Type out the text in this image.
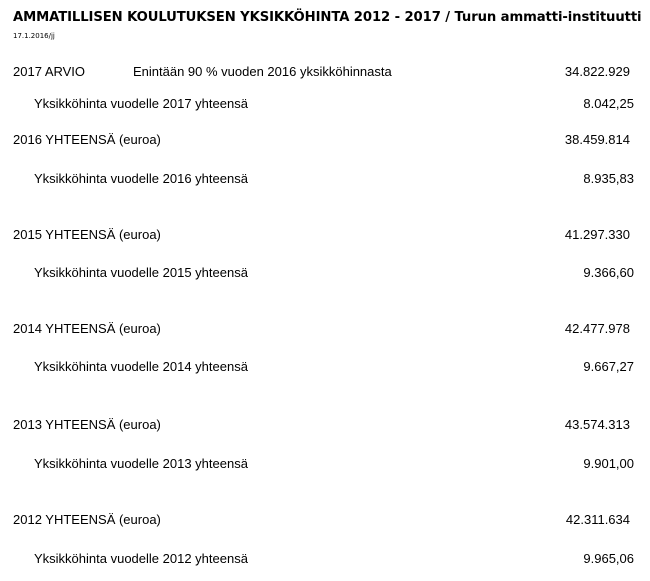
AMMATILLISEN KOULUTUKSEN YKSIKKÖHINTA 2012 - 2017 / Turun ammatti-instituutti
17.1.2016/jj
2017 ARVIO	Enintään 90 % vuoden 2016 yksikköhinnasta	34.822.929
Yksikköhinta vuodelle 2017 yhteensä	8.042,25
2016 YHTEENSÄ (euroa)	38.459.814
Yksikköhinta vuodelle 2016 yhteensä	8.935,83
2015 YHTEENSÄ (euroa)	41.297.330
Yksikköhinta vuodelle 2015 yhteensä	9.366,60
2014 YHTEENSÄ (euroa)	42.477.978
Yksikköhinta vuodelle 2014 yhteensä	9.667,27
2013 YHTEENSÄ (euroa)	43.574.313
Yksikköhinta vuodelle 2013 yhteensä	9.901,00
2012 YHTEENSÄ (euroa)	42.311.634
Yksikköhinta vuodelle 2012 yhteensä	9.965,06
